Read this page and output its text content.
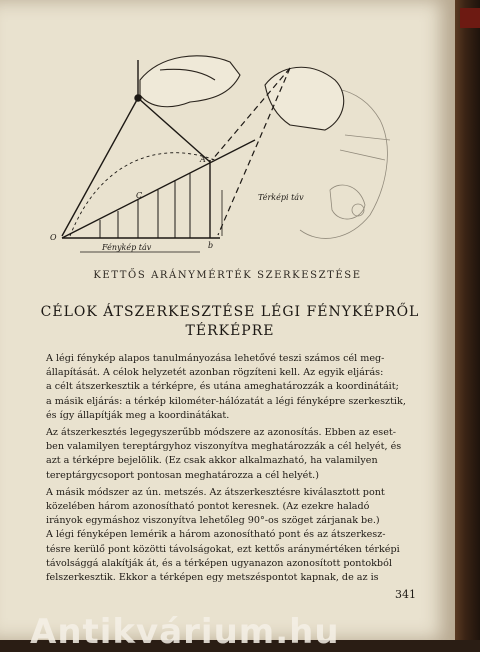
O
A
b
C
Fénykép táv
Térképi táv
KETTŐS ARÁNYMÉRTÉK SZERKESZTÉSE
CÉLOK ÁTSZERKESZTÉSE LÉGI FÉNYKÉPRŐL
TÉRKÉPRE

A légi fénykép alapos tanulmányozása lehetővé teszi számos cél meg-
állapítását. A célok helyzetét azonban rögzíteni kell. Az egyik eljárás:
a célt átszerkesztik a térképre, és utána ameghatározzák a koordinátáit;
a másik eljárás: a térkép kilométer-hálózatát a légi fényképre szerkesztik,
és így állapítják meg a koordinátákat.

Az átszerkesztés legegyszerűbb módszere az azonosítás. Ebben az eset-
ben valamilyen tereptárgyhoz viszonyítva meghatározzák a cél helyét, és
azt a térképre bejelölik. (Ez csak akkor alkalmazható, ha valamilyen
tereptárgycsoport pontosan meghatározza a cél helyét.)

A másik módszer az ún. metszés. Az átszerkesztésre kiválasztott pont
közelében három azonosítható pontot keresnek. (Az ezekre haladó
irányok egymáshoz viszonyítva lehetőleg 90°-os szöget zárjanak be.)
A légi fényképen lemérik a három azonosítható pont és az átszerkesz-
tésre kerülő pont közötti távolságokat, ezt kettős aránymértéken térképi
távolsággá alakítják át, és a térképen ugyanazon azonosított pontokból
felszerkesztik. Ekkor a térképen egy metszéspontot kapnak, de az is

341
Antikvárium.hu
